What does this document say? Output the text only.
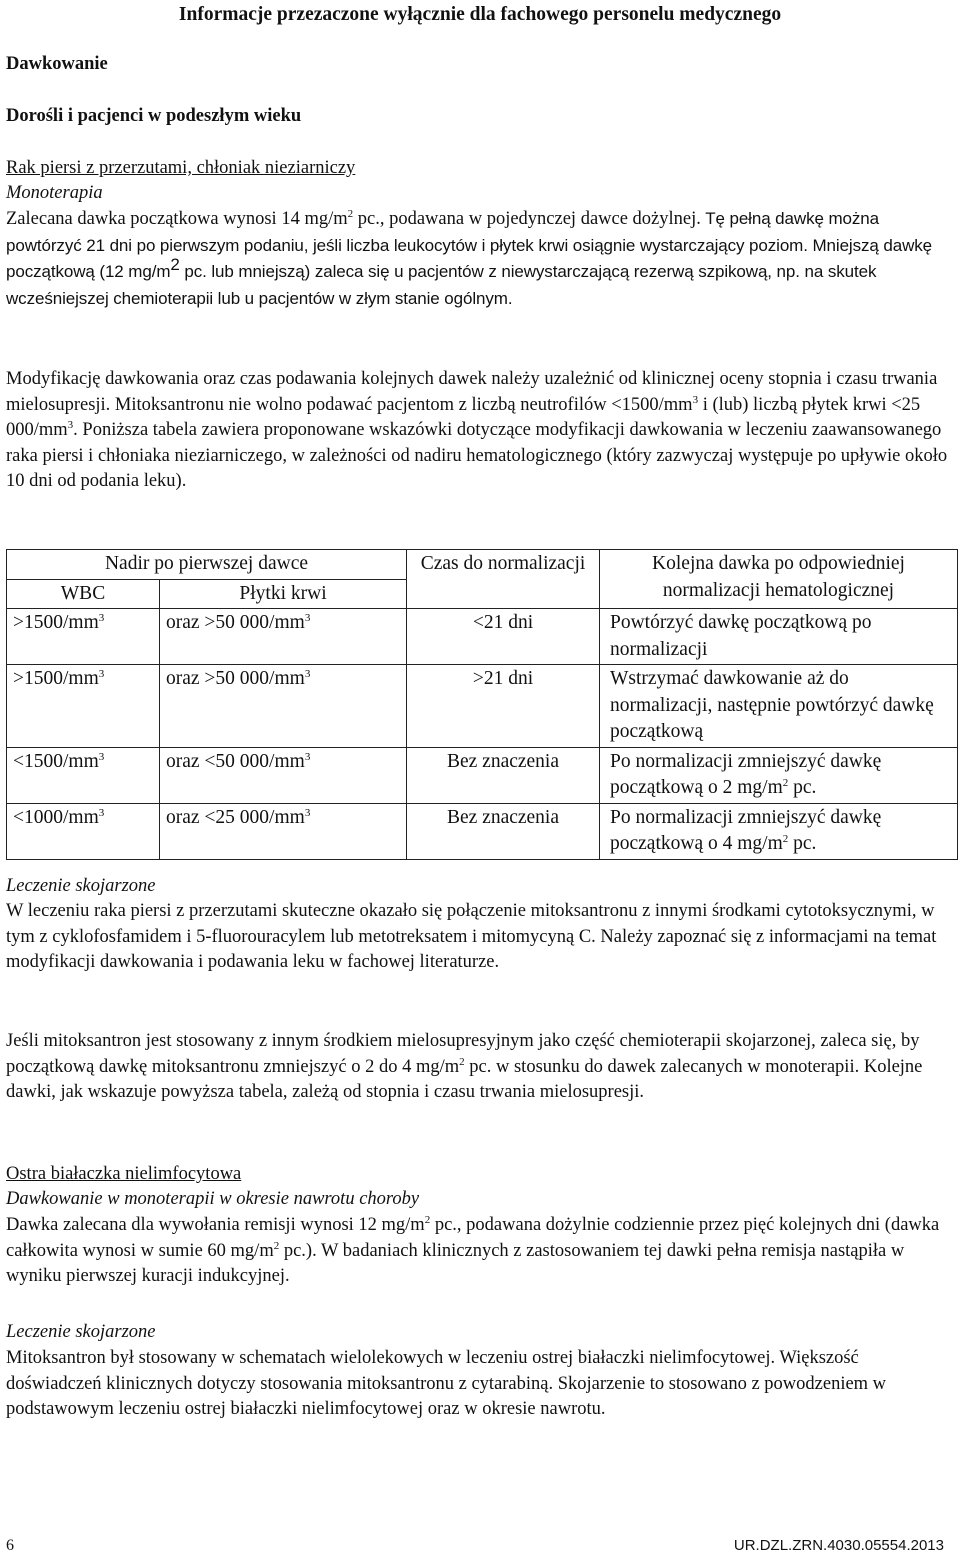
Informacje przezaczone wyłącznie dla fachowego personelu medycznego
Dawkowanie
Dorośli i pacjenci w podeszłym wieku
Rak piersi z przerzutami, chłoniak nieziarniczy
Monoterapia

Zalecana dawka początkowa wynosi 14 $mg/m^2$ pc., podawana w pojedynczej dawce dożylnej. Tę pełną dawkę można powtórzyć 21 dni po pierwszym podaniu, jeśli liczba leukocytów i płytek krwi osiągnie wystarczający poziom. Mniejszą dawkę początkową (12 $mg/m^2$ pc. lub mniejszą) zaleca się u pacjentów z niewystarczającą rezerwą szpikową, np. na skutek wcześniejszej chemioterapii lub u pacjentów w złym stanie ogólnym.

Modyfikację dawkowania oraz czas podawania kolejnych dawek należy uzależnić od klinicznej oceny stopnia i czasu trwania mielosupresji. Mitoksantronu nie wolno podawać pacjentom z liczbą neutrofilów $<1500/mm^3$ i (lub) liczbą płytek krwi <25 $000/mm^3$. Poniższa tabela zawiera proponowane wskazówki dotyczące modyfikacji dawkowania w leczeniu zaawansowanego raka piersi i chłoniaka nieziarniczego, w zależności od nadiru hematologicznego (który zazwyczaj występuje po upływie około 10 dni od podania leku).

Nadir po pierwszej dawce		Czas do normalizacji	Kolejna dawka po odpowiedniej normalizacji hematologicznej
WBC	Płytki krwi		
$>1500/mm^3$	oraz >50 $000/mm^3$	<21 dni	Powtórzyć dawkę początkową po normalizacji
$>1500/mm^3$	oraz >50 $000/mm^3$	>21 dni	Wstrzymać dawkowanie aż do normalizacji, następnie powtórzyć dawkę początkową
$<1500/mm^3$	oraz <50 $000/mm^3$	Bez znaczenia	Po normalizacji zmniejszyć dawkę początkową o 2 $mg/m^2$ pc.
$<1000/mm^3$	oraz <25 $000/mm^3$	Bez znaczenia	Po normalizacji zmniejszyć dawkę początkową o 4 $mg/m^2$ pc.
Leczenie skojarzone

W leczeniu raka piersi z przerzutami skuteczne okazało się połączenie mitoksantronu z innymi środkami cytotoksycznymi, w tym z cyklofosfamidem i 5-fluorouracylem lub metotreksatem i mitomycyną C. Należy zapoznać się z informacjami na temat modyfikacji dawkowania i podawania leku w fachowej literaturze.

Jeśli mitoksantron jest stosowany z innym środkiem mielosupresyjnym jako część chemioterapii skojarzonej, zaleca się, by początkową dawkę mitoksantronu zmniejszyć o 2 do 4 $mg/m^2$ pc. w stosunku do dawek zalecanych w monoterapii. Kolejne dawki, jak wskazuje powyższa tabela, zależą od stopnia i czasu trwania mielosupresji.

Ostra białaczka nielimfocytowa
Dawkowanie w monoterapii w okresie nawrotu choroby

Dawka zalecana dla wywołania remisji wynosi 12 $mg/m^2$ pc., podawana dożylnie codziennie przez pięć kolejnych dni (dawka całkowita wynosi w sumie 60 $mg/m^2$ pc.). W badaniach klinicznych z zastosowaniem tej dawki pełna remisja nastąpiła w wyniku pierwszej kuracji indukcyjnej.

Leczenie skojarzone

Mitoksantron był stosowany w schematach wielolekowych w leczeniu ostrej białaczki nielimfocytowej. Większość doświadczeń klinicznych dotyczy stosowania mitoksantronu z cytarabiną. Skojarzenie to stosowano z powodzeniem w podstawowym leczeniu ostrej białaczki nielimfocytowej oraz w okresie nawrotu.

6	UR.DZL.ZRN.4030.05554.2013
